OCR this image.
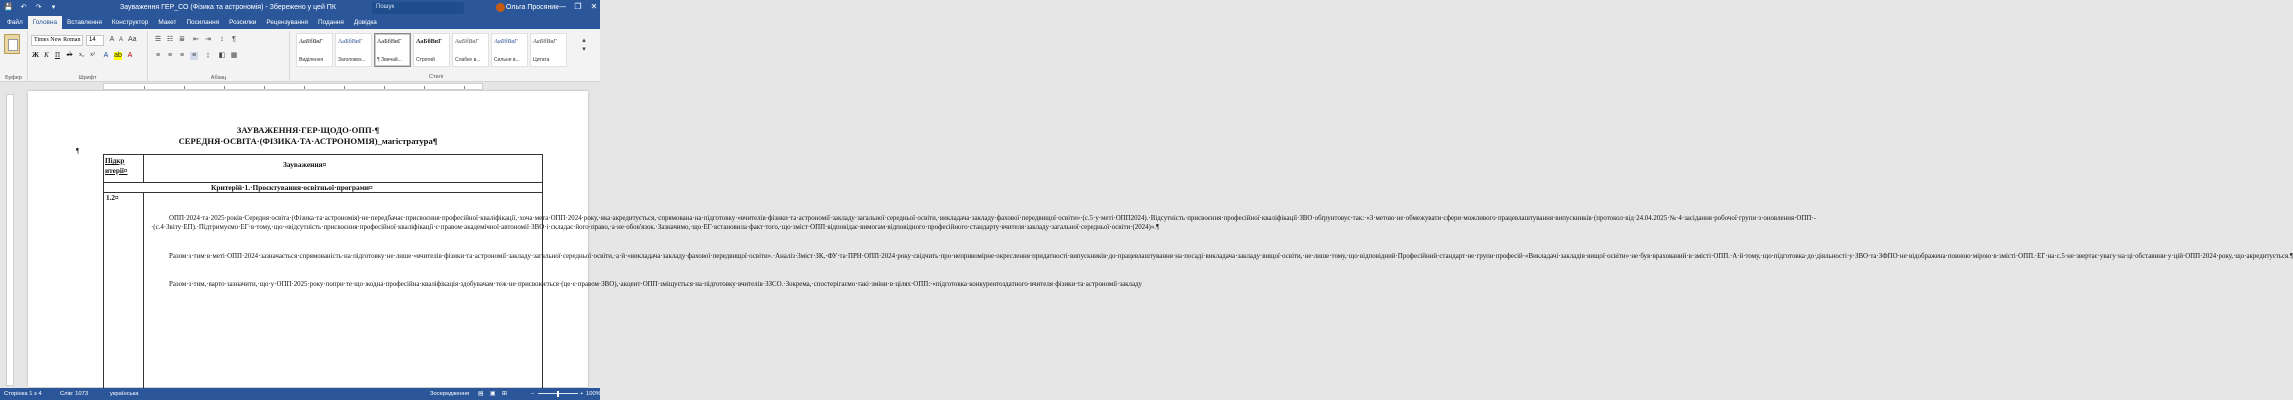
💾 ↶ ↷	▾	Зауваження ГЕР_СО (Фізика та астрономія) - Збережено у цей ПК	Пошук	Ольга Просяник — ❐ ✕
Файл	Головна	Вставлення	Конструктор	Макет	Посилання	Розсилки	Рецензування	Подання	Довідка
Буфер	Шрифт
Times New Roman	14	A A Aa
Ж К П	ab	x₂	x² A ab A
Абзац
☰ ☷ ≣ ⇤ ⇥	↕	¶
≡ ≡ ≡ ≡	↨	◧ ▦
АаБбВвГ
Виділення
АаБбВвГ
Заголовок...
АаБбВвГ
¶ Звичай...
АаБбВвГ
Строгий
АаБбВвГ
Слабке в...
АаБбВвГ
Сильне в...
АаБбВвГ
Цитата
▴
▾
Стилі
ЗАУВАЖЕННЯ·ГЕР·ЩОДО·ОПП·¶
СЕРЕДНЯ·ОСВІТА·(ФІЗИКА·ТА·АСТРОНОМІЯ)_магістратура¶
¶
Підкр итерії¤
Зауваження¤
Критерій·1.·Проєктування·освітньої·програми¤
1.2¤

ОПП·2024·та·2025·років·Середня·освіта·(Фізика·та·астрономія)·не·передбачає·присвоєння·професійної·кваліфікації,·хоча·мета·ОПП·2024·року,·яка·акредитується,·спрямована·на·підготовку·«вчителів·фізики·та·астрономії·закладу·загальної·середньої·освіти,·викладача·закладу·фахової·передвищої·освіти»·(с.5·у·меті·ОПП2024).·Відсутність·присвоєння·професійної·кваліфікації·ЗВО·обґрунтовує·так:·«З·метою·не·обмежувати·сфери·можливого·працевлаштування·випускників·(протокол·від·24.04.2025·№·4·засідання·робочої·групи·з·оновлення·ОПП·-·(с.4·Звіту·ЕП).·Підтримуємо·ЕГ·в·тому,·що·«відсутність·присвоєння·професійної·кваліфікації·є·правом·академічної·автономії·ЗВО·і·складає·його·право,·а·не·обов'язок.·Зазначимо,·що·ЕГ·встановила·факт·того,·що·зміст·ОПП·відповідає·вимогам·відповідного·професійного·стандарту·вчителя·закладу·загальної·середньої·освіти·(2024)».¶

Разом·з·тим·в·меті·ОПП·2024·зазначається·спрямованість·на·підготовку·не·лише·«вчителів·фізики·та·астрономії·закладу·загальної·середньої·освіти,·а·й·«викладача·закладу·фахової·передвищої·освіти».·Аналіз·Зміст·ЗК,·ФУ·та·ПРН·ОПП·2024·року·свідчить·про·непривомірне·окреслення·придатності·випускників·до·працевлаштування·на·посаді·викладача·закладу·вищої·освіти,·не·лише·тому,·що·відповідний·Професійний·стандарт·не·групи·професій·«Викладачі·закладів·вищої·освіти»·не·був·врахований·в·змісті·ОПП.·А·й·тому,·що·підготовка·до·діяльності·у·ЗВО·та·ЗФПО·не·відображена·повною·мірою·в·змісті·ОПП.·ЕГ·на·с.5·не·звертає·увагу·на·ці·обставини·у·цій·ОПП·2024·року,·що·акредитується.¶

Разом·з·тим,·варто·зазначити,·що·у·ОПП·2025·року·попри·те·що·жодна·професійна·кваліфікація·здобувачам·теж·не·присвоюється·(це·є·правом·ЗВО),·акцент·ОПП·зміщується·на·підготовку·вчителів·ЗЗСО.·Зокрема,·спостерігаємо·такі·зміни·в·цілях·ОПП:·«підготовка·конкурентоздатного·вчителя·фізики·та·астрономії·закладу

Сторінка 1 з 4	Слів: 1073	українська	Зосередження ▤ ▣ ⊞	−	+ 100%
